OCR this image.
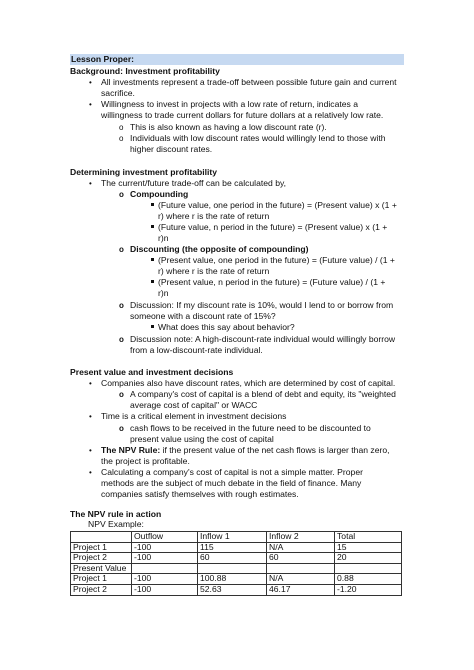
Lesson Proper:
Background: Investment profitability
• All investments represent a trade-off between possible future gain and current
sacrifice.
• Willingness to invest in projects with a low rate of return, indicates a
willingness to trade current dollars for future dollars at a relatively low rate.
o This is also known as having a low discount rate (r).
o Individuals with low discount rates would willingly lend to those with
higher discount rates.
Determining investment profitability
• The current/future trade-off can be calculated by,
o Compounding
(Future value, one period in the future) = (Present value) x (1 +
r) where r is the rate of return
(Future value, n period in the future) = (Present value) x (1 +
r)n
o Discounting (the opposite of compounding)
(Present value, one period in the future) = (Future value) / (1 +
r) where r is the rate of return
(Present value, n period in the future) = (Future value) / (1 +
r)n
o Discussion: If my discount rate is 10%, would I lend to or borrow from
someone with a discount rate of 15%?
What does this say about behavior?
o Discussion note: A high-discount-rate individual would willingly borrow
from a low-discount-rate individual.
Present value and investment decisions
• Companies also have discount rates, which are determined by cost of capital.
o A company's cost of capital is a blend of debt and equity, its "weighted
average cost of capital" or WACC
• Time is a critical element in investment decisions
o cash flows to be received in the future need to be discounted to
present value using the cost of capital
• The NPV Rule: if the present value of the net cash flows is larger than zero,
the project is profitable.
• Calculating a company's cost of capital is not a simple matter. Proper
methods are the subject of much debate in the field of finance. Many
companies satisfy themselves with rough estimates.
The NPV rule in action
NPV Example:
	Outflow	Inflow 1	Inflow 2	Total
Project 1	-100	115	N/A	15
Project 2	-100	60	60	20
Present Value				
Project 1	-100	100.88	N/A	0.88
Project 2	-100	52.63	46.17	-1.20
